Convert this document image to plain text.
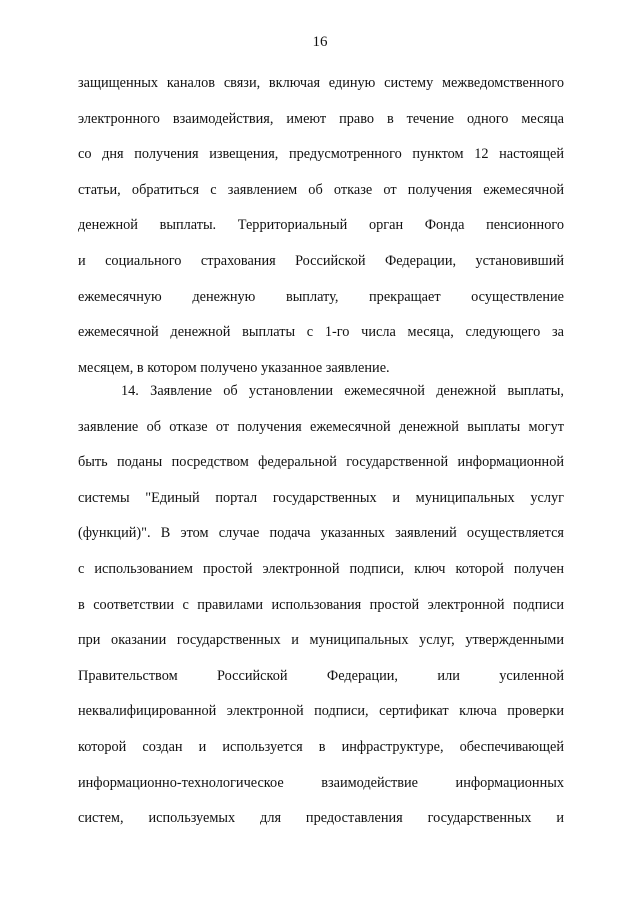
16

защищенных каналов связи, включая единую систему межведомственного

электронного взаимодействия, имеют право в течение одного месяца

со дня получения извещения, предусмотренного пунктом 12 настоящей

статьи, обратиться с заявлением об отказе от получения ежемесячной

денежной выплаты. Территориальный орган Фонда пенсионного

и социального страхования Российской Федерации, установивший

ежемесячную денежную выплату, прекращает осуществление

ежемесячной денежной выплаты с 1-го числа месяца, следующего за

месяцем, в котором получено указанное заявление.

14. Заявление об установлении ежемесячной денежной выплаты,

заявление об отказе от получения ежемесячной денежной выплаты могут

быть поданы посредством федеральной государственной информационной

системы "Единый портал государственных и муниципальных услуг

(функций)". В этом случае подача указанных заявлений осуществляется

с использованием простой электронной подписи, ключ которой получен

в соответствии с правилами использования простой электронной подписи

при оказании государственных и муниципальных услуг, утвержденными

Правительством Российской Федерации, или усиленной

неквалифицированной электронной подписи, сертификат ключа проверки

которой создан и используется в инфраструктуре, обеспечивающей

информационно-технологическое взаимодействие информационных

систем, используемых для предоставления государственных и
